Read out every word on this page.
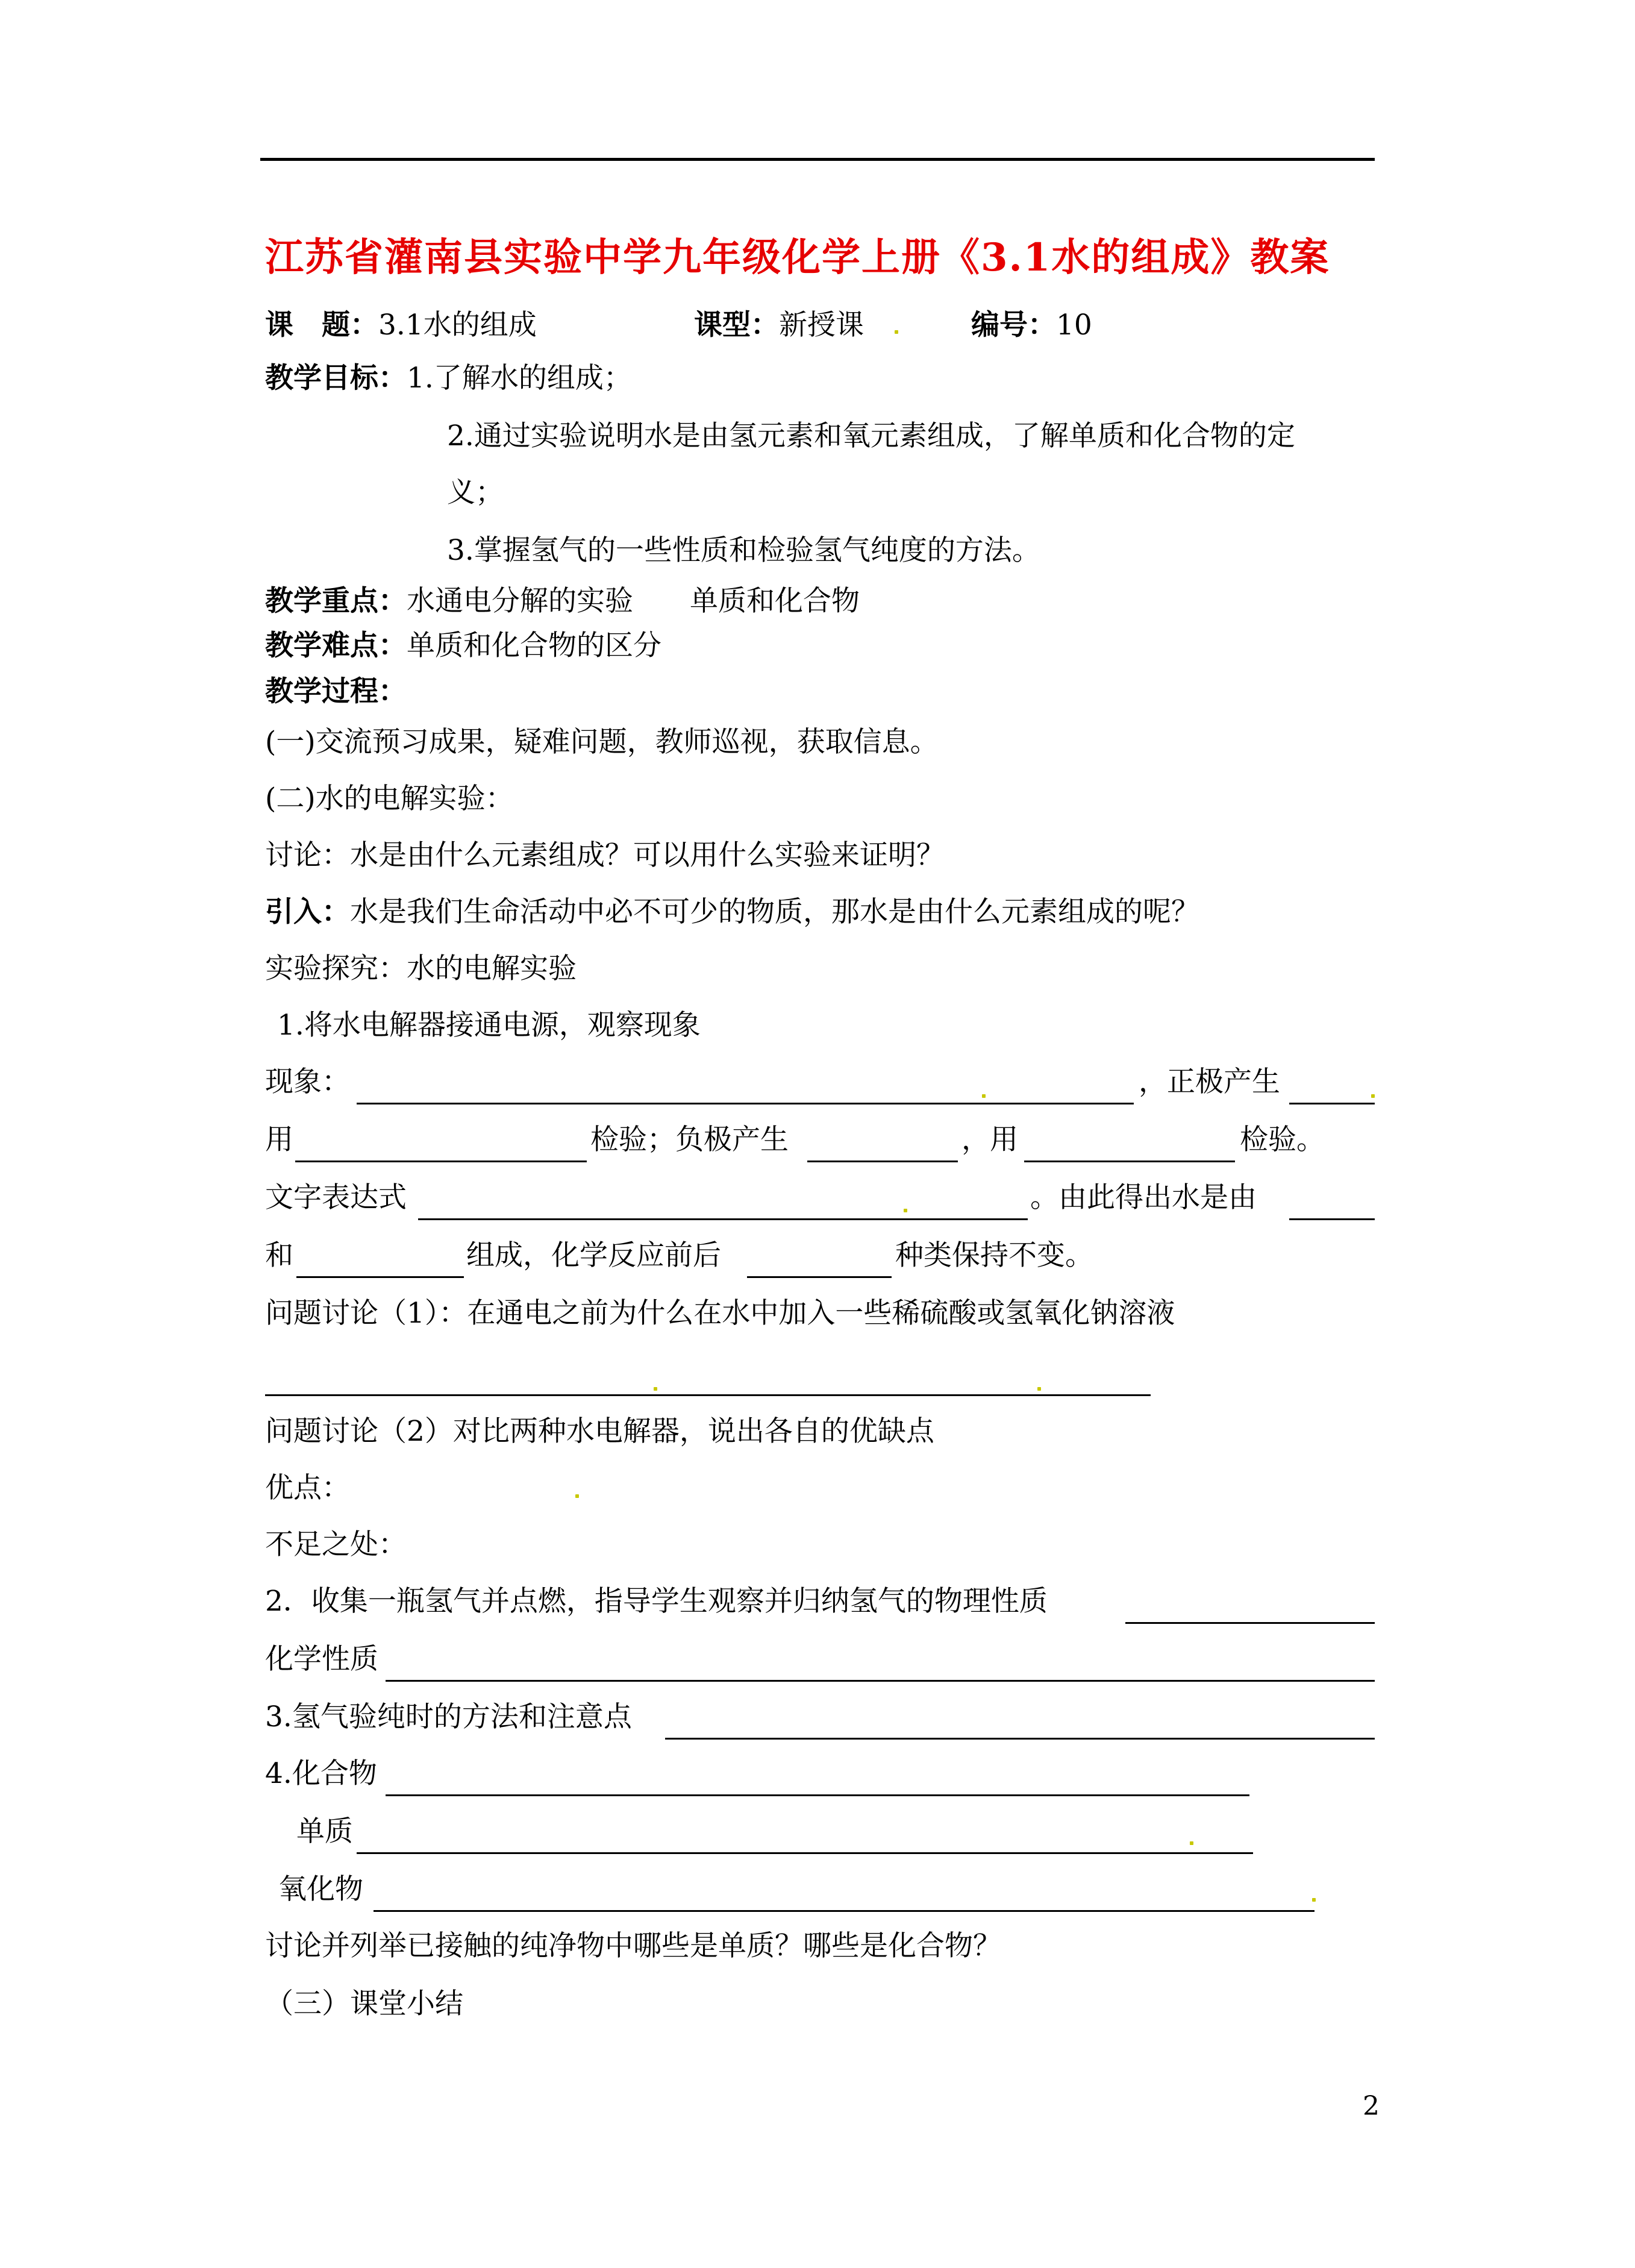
江苏省灌南县实验中学九年级化学上册《3.1水的组成》教案
课　题：3.1水的组成	课型：新授课	编号：10
教学目标：1.了解水的组成；
2.通过实验说明水是由氢元素和氧元素组成，了解单质和化合物的定
义；
3.掌握氢气的一些性质和检验氢气纯度的方法。
教学重点：水通电分解的实验　　单质和化合物
教学难点：单质和化合物的区分
教学过程：
(一)交流预习成果，疑难问题，教师巡视，获取信息。
(二)水的电解实验：
讨论：水是由什么元素组成？可以用什么实验来证明？
引入：水是我们生命活动中必不可少的物质，那水是由什么元素组成的呢？
实验探究：水的电解实验
1.将水电解器接通电源，观察现象
现象：	，正极产生
用	检验；负极产生	，用	检验。
文字表达式	。由此得出水是由
和	组成，化学反应前后	种类保持不变。
问题讨论（1）：在通电之前为什么在水中加入一些稀硫酸或氢氧化钠溶液
问题讨论（2）对比两种水电解器，说出各自的优缺点
优点：
不足之处：
2．收集一瓶氢气并点燃，指导学生观察并归纳氢气的物理性质
化学性质
3.氢气验纯时的方法和注意点
4.化合物
单质
氧化物
讨论并列举已接触的纯净物中哪些是单质？哪些是化合物？
（三）课堂小结
2
